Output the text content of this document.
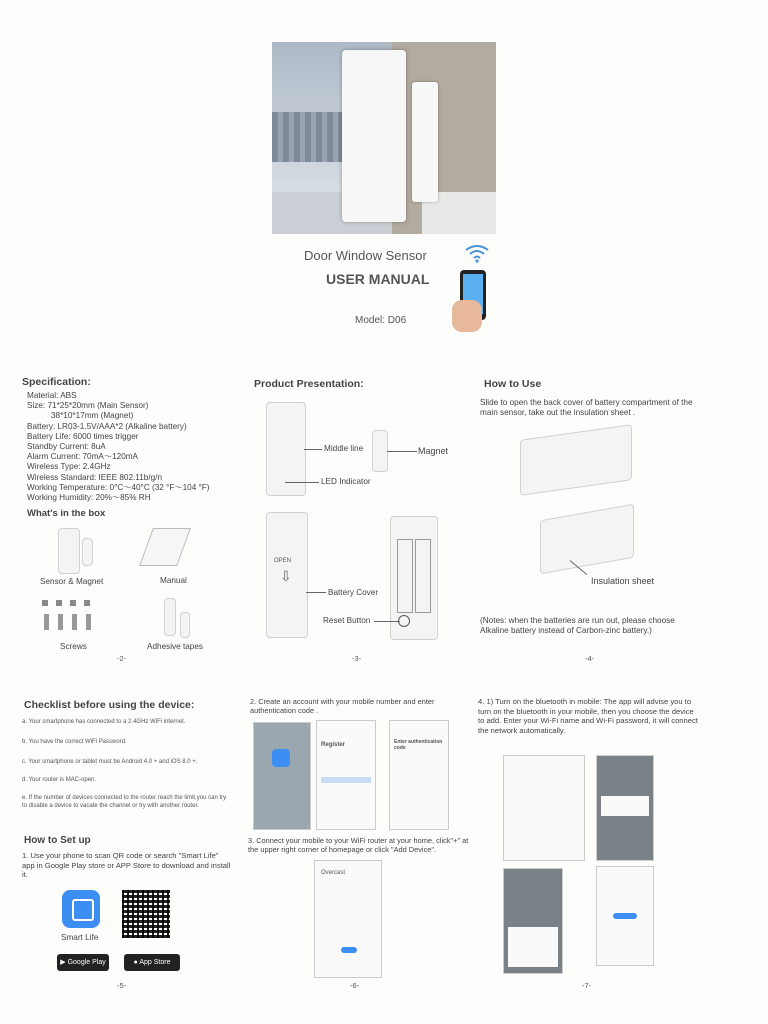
Door Window Sensor
USER MANUAL
Model: D06
Specification:
Material: ABS
Size: 71*25*20mm (Main Sensor)
38*10*17mm (Magnet)
Battery: LR03-1.5V/AAA*2 (Alkaline battery)
Battery Life: 6000 times trigger
Standby Current: 8uA
Alarm Current: 70mA～120mA
Wireless Type: 2.4GHz
Wireless Standard: IEEE 802.11b/g/n
Working Temperature: 0°C～40°C (32 °F～104 °F)
Working Humidity: 20%～85% RH
What's in the box
Sensor & Magnet	Manual
Screws	Adhesive tapes
-2-
Product Presentation:
Middle line	Magnet
LED Indicator
OPEN
⇩
Battery Cover
Reset Button
-3-
How to Use
Slide to open the back cover of battery compartment of the main sensor, take out the insulation sheet .
Insulation sheet
(Notes: when the batteries are run out, please choose Alkaline battery instead of Carbon-zinc battery.)
-4-
Checklist before using the device:
a. Your smartphone has connected to a 2.4GHz WiFi internet.
b. You have the correct WiFi Password.
c. Your smartphone or tablet must be Android 4.0 + and iOS 8.0 +.
d. Your router is MAC-open.
e. If the number of devices connected to the router reach the limit,you can try to disable a device to vacate the channel or try with another router.
How to Set up
1. Use your phone to scan QR code or search "Smart Life" app in Google Play store or APP Store to download and install it.
Smart Life
▶ Google Play	● App Store
-5-
2. Create an account with your mobile number and enter authentication code .
Register	Enter authentication code
3. Connect your mobile to your WiFi router at your home, click"+" at the upper right corner of homepage or click "Add Device".
Overcast
-6-
4. 1) Turn on the bluetooth in mobile: The app will advise you to turn on the bluetooth in your mobile, then you choose the device to add. Enter your Wi-Fi name and Wi-Fi password, it will connect the network automatically.
-7-
